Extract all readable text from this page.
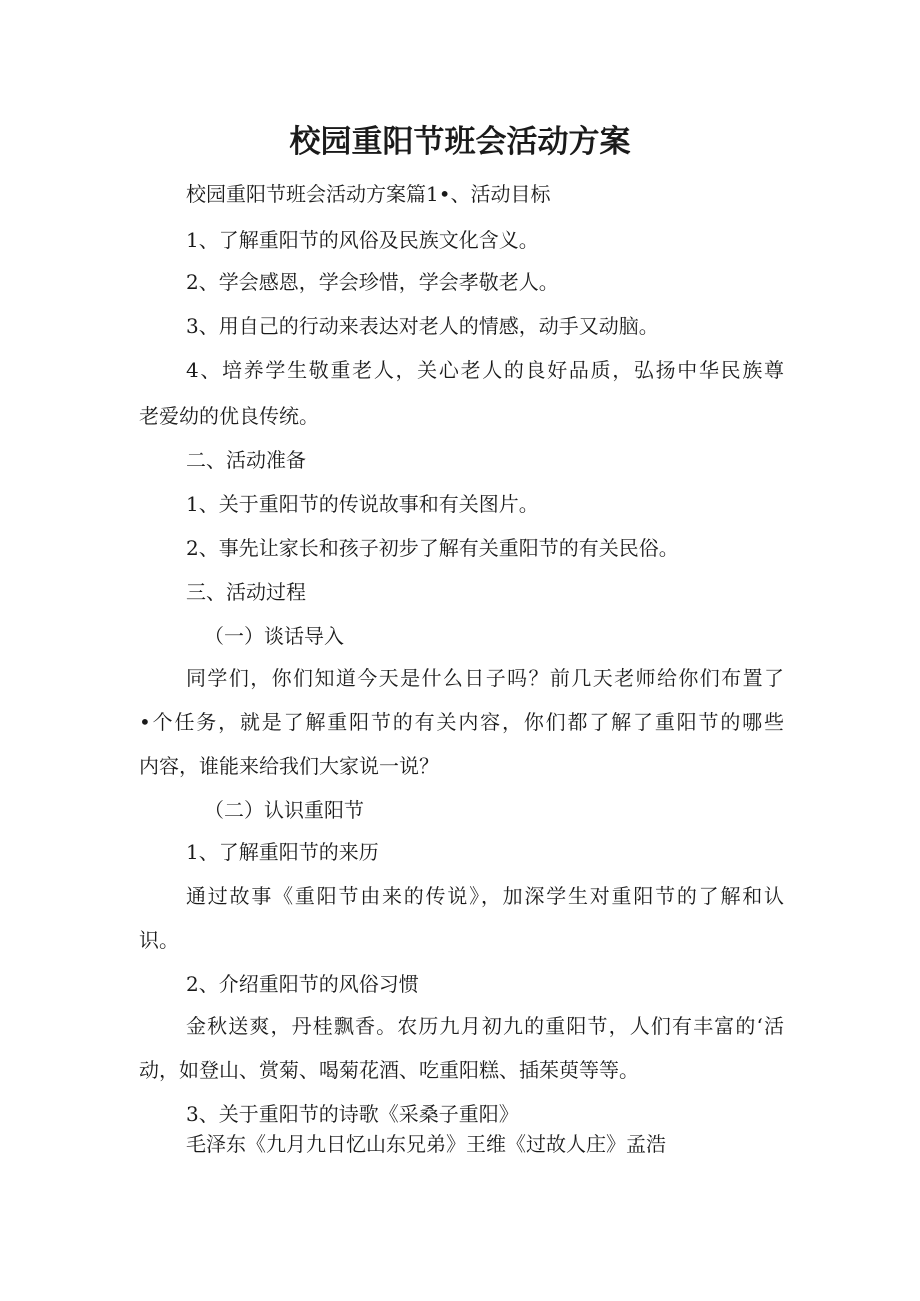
校园重阳节班会活动方案

校园重阳节班会活动方案篇1•、活动目标

1、了解重阳节的风俗及民族文化含义。

2、学会感恩，学会珍惜，学会孝敬老人。

3、用自己的行动来表达对老人的情感，动手又动脑。

4、培养学生敬重老人，关心老人的良好品质，弘扬中华民族尊

老爱幼的优良传统。

二、活动准备

1、关于重阳节的传说故事和有关图片。

2、事先让家长和孩子初步了解有关重阳节的有关民俗。

三、活动过程

（一）谈话导入

同学们，你们知道今天是什么日子吗？前几天老师给你们布置了

•个任务，就是了解重阳节的有关内容，你们都了解了重阳节的哪些

内容，谁能来给我们大家说一说？

（二）认识重阳节

1、了解重阳节的来历

通过故事《重阳节由来的传说》，加深学生对重阳节的了解和认

识。

2、介绍重阳节的风俗习惯

金秋送爽，丹桂飘香。农历九月初九的重阳节，人们有丰富的‘活

动，如登山、赏菊、喝菊花酒、吃重阳糕、插茱萸等等。

3、关于重阳节的诗歌《采桑子重阳》

毛泽东《九月九日忆山东兄弟》王维《过故人庄》孟浩
